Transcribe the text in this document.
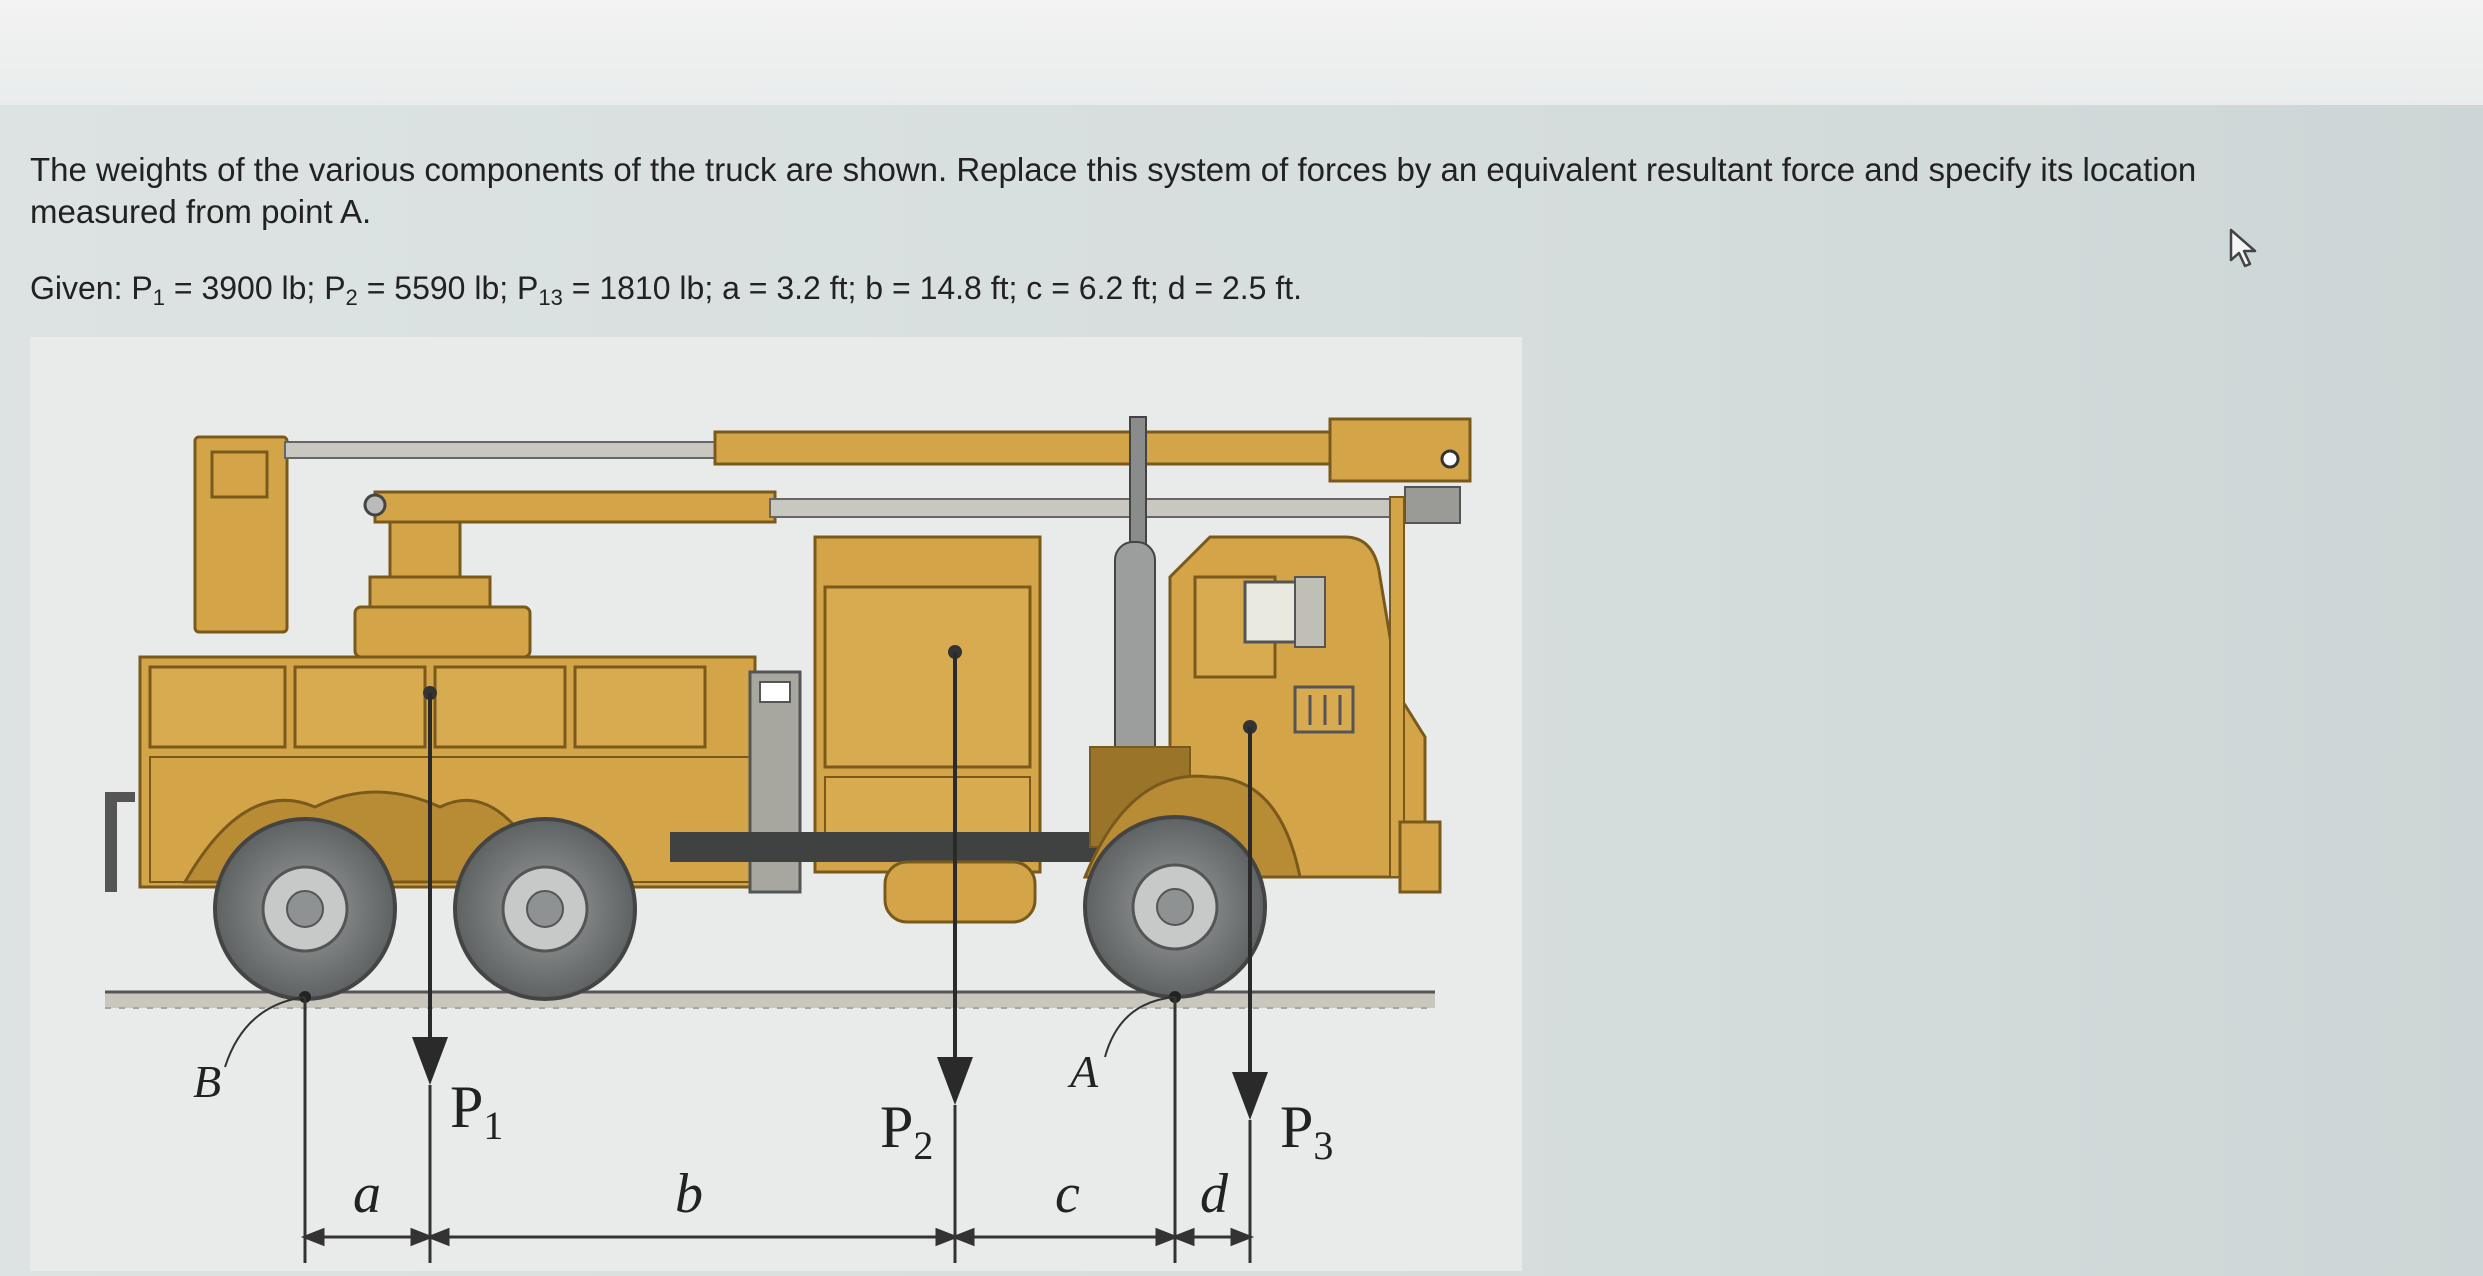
The weights of the various components of the truck are shown. Replace this system of forces by an equivalent resultant force and specify its location
measured from point A.
Given: $P_1 = 3900$ lb; $P_2 = 5590$ lb; $P_{13} = 1810$ lb; a = 3.2 ft; b = 14.8 ft; c = 6.2 ft; d = 2.5 ft.
B	A
$P_1$	$P_2$	$P_3$
a	b	c d
